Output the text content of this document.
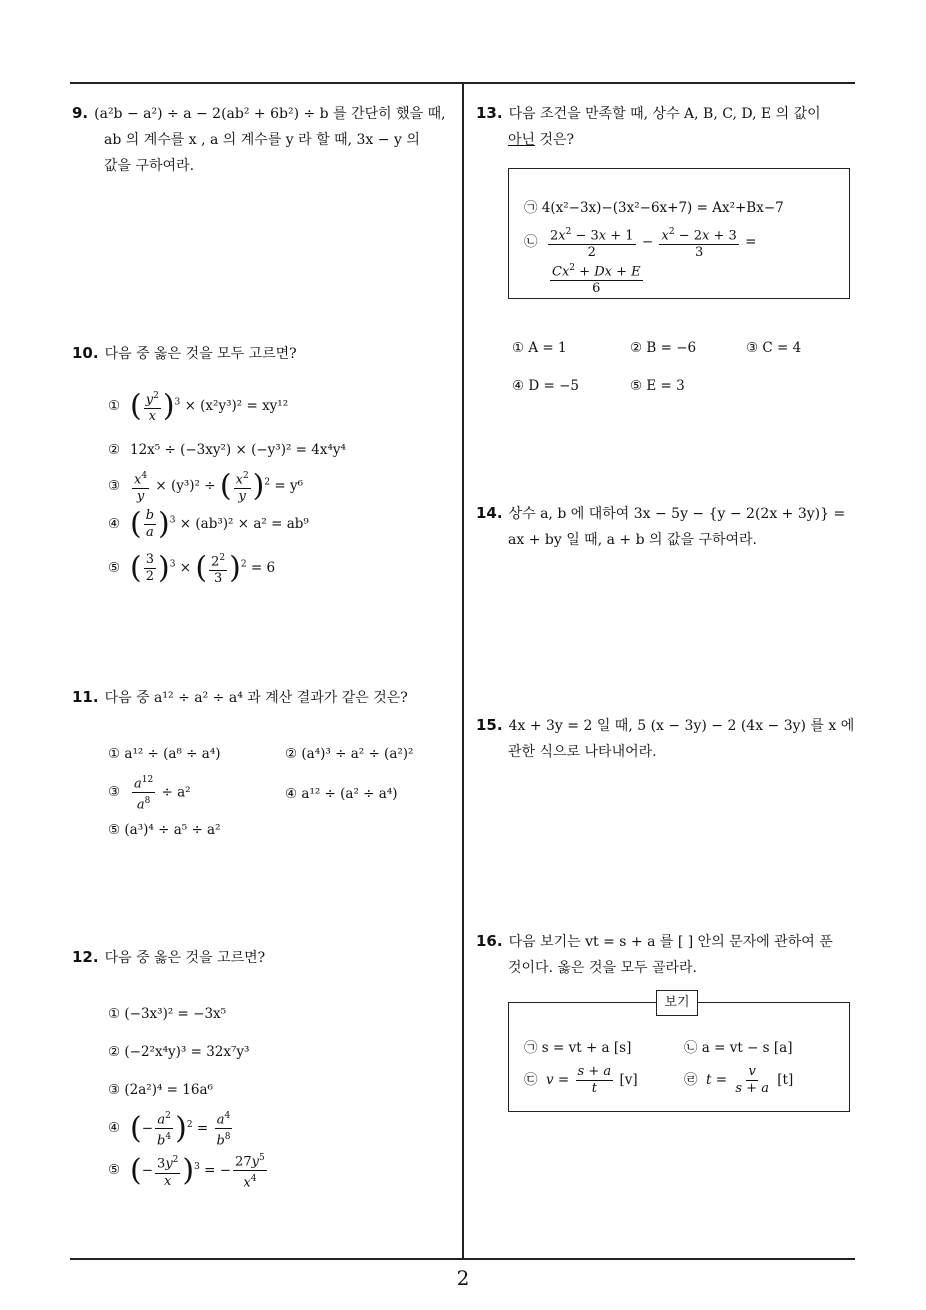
2
9. (a²b − a²) ÷ a − 2(ab² + 6b²) ÷ b 를 간단히 했을 때,
ab 의 계수를 x , a 의 계수를 y 라 할 때, 3x − y 의
값을 구하여라.
10. 다음 중 옳은 것을 모두 고르면?
① ( $\frac{y^2}{x} )^3 \times (x^2y^3)^2 = xy^{12}$
② 12x⁵ ÷ (−3xy²) × (−y³)² = 4x⁴y⁴
③ $\frac{x^4}{y} \times (y^3)^2$ ÷ ( $\frac{x^2}{y} )^2 = y^6$
④ ( $\frac{b}{a} )^3 \times (ab^3)^2 \times a^2 = ab^9$
⑤ ( $\frac{3}{2} )^3$ × ( $\frac{2^2}{3} )^2 = 6$
11. 다음 중 a¹² ÷ a² ÷ a⁴ 과 계산 결과가 같은 것은?
① a¹² ÷ (a⁸ ÷ a⁴)	② (a⁴)³ ÷ a² ÷ (a²)²
③ $\frac{a^{12}}{a^8} \div a^2$	④ a¹² ÷ (a² ÷ a⁴)
⑤ (a³)⁴ ÷ a⁵ ÷ a²
12. 다음 중 옳은 것을 고르면?
① (−3x³)² = −3x⁵
② (−2²x⁴y)³ = 32x⁷y³
③ (2a²)⁴ = 16a⁶
④ (− $\frac{a^2}{b^4} )^2 = \frac{a^4}{b^8}$
⑤ (− $\frac{3y^2}{x} )^3$ = − $\frac{27y^5}{x^4}$
13. 다음 조건을 만족할 때, 상수 A, B, C, D, E 의 값이
아닌 것은?
㉠ 4(x²−3x)−(3x²−6x+7) = Ax²+Bx−7
㉡ $\frac{2x^2 - 3x + 1}{2} - \frac{x^2 - 2x + 3}{3}$ =
$\frac{Cx^2 + Dx + E}{6}$
① A = 1	② B = −6	③ C = 4
④ D = −5	⑤ E = 3
14. 상수 a, b 에 대하여 3x − 5y − {y − 2(2x + 3y)} =
ax + by 일 때, a + b 의 값을 구하여라.
15. 4x + 3y = 2 일 때, 5 (x − 3y) − 2 (4x − 3y) 를 x 에
관한 식으로 나타내어라.
16. 다음 보기는 vt = s + a 를 [ ] 안의 문자에 관하여 푼
것이다. 옳은 것을 모두 골라라.
보기
㉠ s = vt + a [s]	㉡ a = vt − s [a]
㉢ $v = \frac{s + a}{t} [v]$	㉣ $t = \frac{v}{s + a} [t]$
